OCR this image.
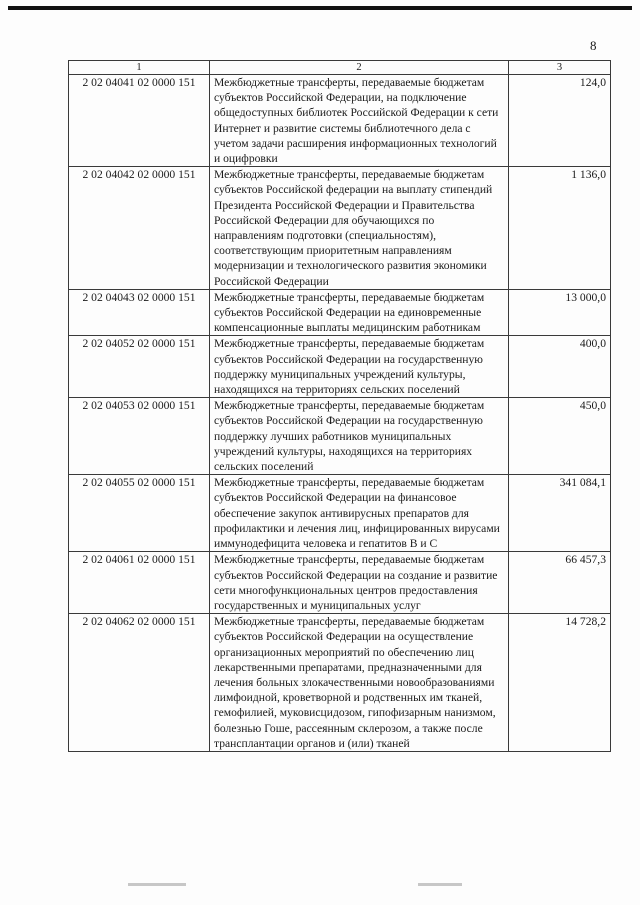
8
1	2	3
2 02 04041 02 0000 151	Межбюджетные трансферты, передаваемые бюджетам субъектов Российской Федерации, на подключение общедоступных библиотек Российской Федерации к сети Интернет и развитие системы библиотечного дела с учетом задачи расширения информационных технологий и оцифровки	124,0
2 02 04042 02 0000 151	Межбюджетные трансферты, передаваемые бюджетам субъектов Российской федерации на выплату стипендий Президента Российской Федерации и Правительства Российской Федерации для обучающихся по направлениям подготовки (специальностям), соответствующим приоритетным направлениям модернизации и технологического развития экономики Российской Федерации	1 136,0
2 02 04043 02 0000 151	Межбюджетные трансферты, передаваемые бюджетам субъектов Российской Федерации на единовременные компенсационные выплаты медицинским работникам	13 000,0
2 02 04052 02 0000 151	Межбюджетные трансферты, передаваемые бюджетам субъектов Российской Федерации на государственную поддержку муниципальных учреждений культуры, находящихся на территориях сельских поселений	400,0
2 02 04053 02 0000 151	Межбюджетные трансферты, передаваемые бюджетам субъектов Российской Федерации на государственную поддержку лучших работников муниципальных учреждений культуры, находящихся на территориях сельских поселений	450,0
2 02 04055 02 0000 151	Межбюджетные трансферты, передаваемые бюджетам субъектов Российской Федерации на финансовое обеспечение закупок антивирусных препаратов для профилактики и лечения лиц, инфицированных вирусами иммунодефицита человека и гепатитов В и С	341 084,1
2 02 04061 02 0000 151	Межбюджетные трансферты, передаваемые бюджетам субъектов Российской Федерации на создание и развитие сети многофункциональных центров предоставления государственных и муниципальных услуг	66 457,3
2 02 04062 02 0000 151	Межбюджетные трансферты, передаваемые бюджетам субъектов Российской Федерации на осуществление организационных мероприятий по обеспечению лиц лекарственными препаратами, предназначенными для лечения больных злокачественными новообразованиями лимфоидной, кроветворной и родственных им тканей, гемофилией, муковисцидозом, гипофизарным нанизмом, болезнью Гоше, рассеянным склерозом, а также после трансплантации органов и (или) тканей	14 728,2
